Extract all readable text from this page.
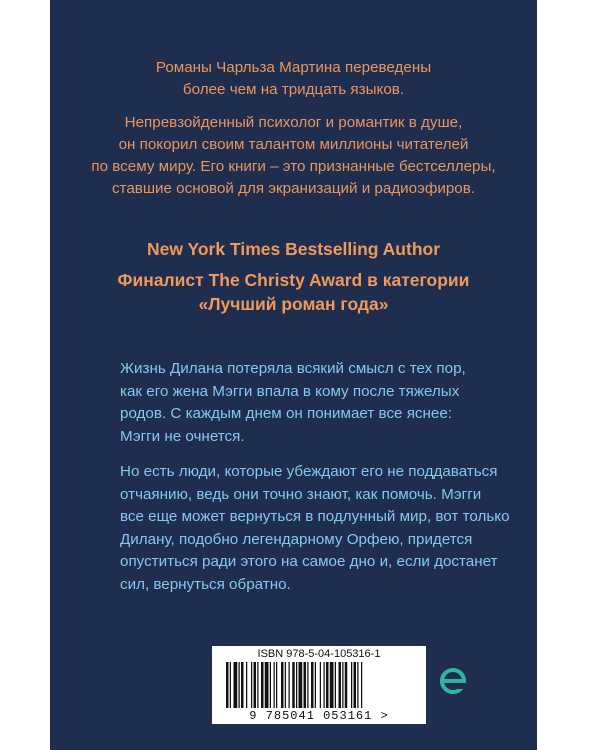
Романы Чарльза Мартина переведены

более чем на тридцать языков.

Непревзойденный психолог и романтик в душе,

он покорил своим талантом миллионы читателей

по всему миру. Его книги – это признанные бестселлеры,

ставшие основой для экранизаций и радиоэфиров.

New York Times Bestselling Author

Финалист The Christy Award в категории

«Лучший роман года»

Жизнь Дилана потеряла всякий смысл с тех пор,

как его жена Мэгги впала в кому после тяжелых

родов. С каждым днем он понимает все яснее:

Мэгги не очнется.

Но есть люди, которые убеждают его не поддаваться

отчаянию, ведь они точно знают, как помочь. Мэгги

все еще может вернуться в подлунный мир, вот только

Дилану, подобно легендарному Орфею, придется

опуститься ради этого на самое дно и, если достанет

сил, вернуться обратно.

ISBN 978-5-04-105316-1
9 785041 053161 >
